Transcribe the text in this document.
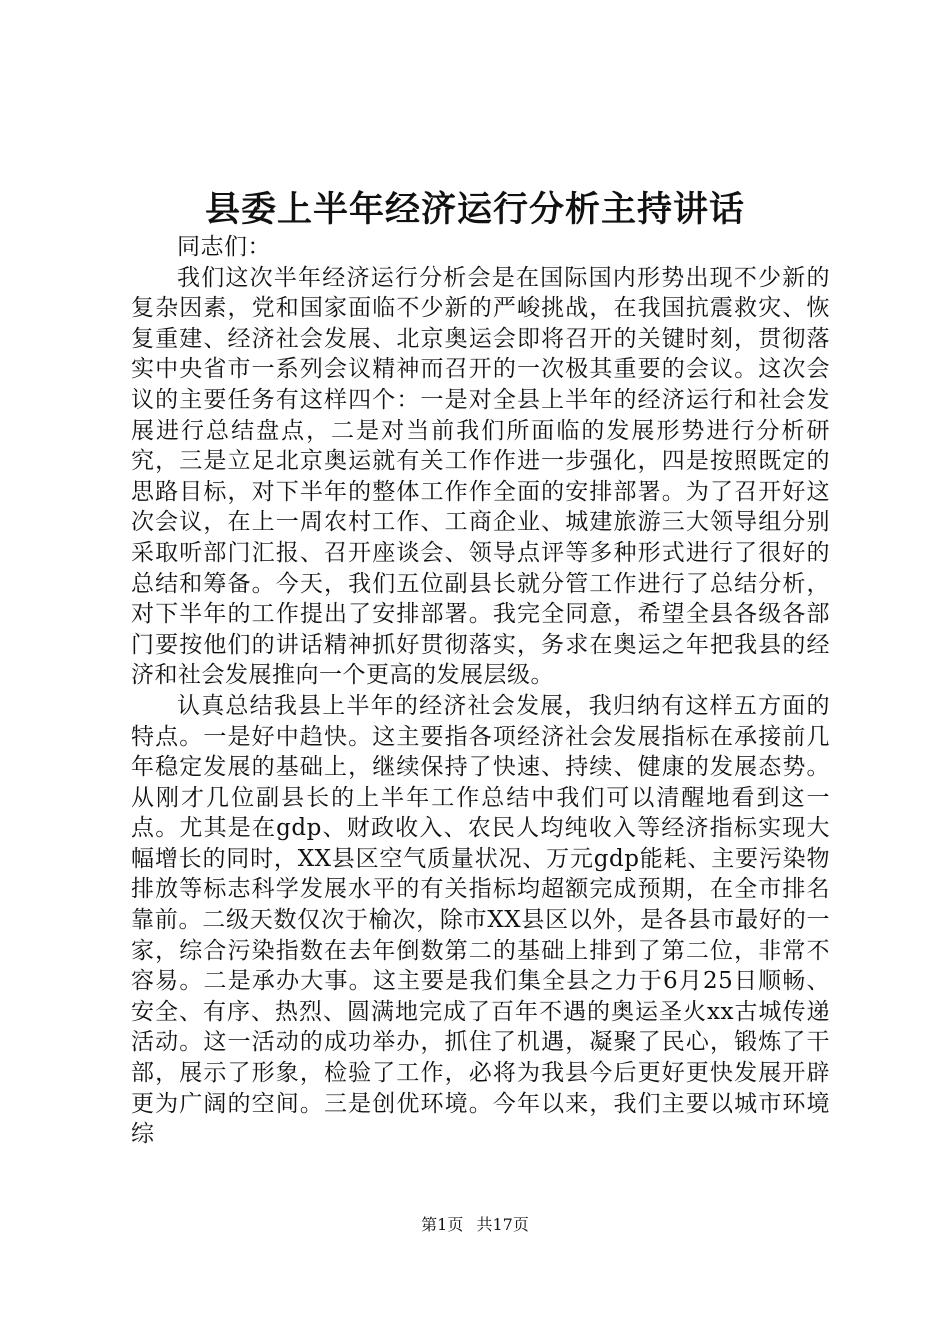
县委上半年经济运行分析主持讲话

同志们：

我们这次半年经济运行分析会是在国际国内形势出现不少新的复杂因素，党和国家面临不少新的严峻挑战，在我国抗震救灾、恢复重建、经济社会发展、北京奥运会即将召开的关键时刻，贯彻落实中央省市一系列会议精神而召开的一次极其重要的会议。这次会议的主要任务有这样四个：一是对全县上半年的经济运行和社会发展进行总结盘点，二是对当前我们所面临的发展形势进行分析研究，三是立足北京奥运就有关工作作进一步强化，四是按照既定的思路目标，对下半年的整体工作作全面的安排部署。为了召开好这次会议，在上一周农村工作、工商企业、城建旅游三大领导组分别采取听部门汇报、召开座谈会、领导点评等多种形式进行了很好的总结和筹备。今天，我们五位副县长就分管工作进行了总结分析，对下半年的工作提出了安排部署。我完全同意，希望全县各级各部门要按他们的讲话精神抓好贯彻落实，务求在奥运之年把我县的经济和社会发展推向一个更高的发展层级。

认真总结我县上半年的经济社会发展，我归纳有这样五方面的特点。一是好中趋快。这主要指各项经济社会发展指标在承接前几年稳定发展的基础上，继续保持了快速、持续、健康的发展态势。从刚才几位副县长的上半年工作总结中我们可以清醒地看到这一点。尤其是在gdp、财政收入、农民人均纯收入等经济指标实现大幅增长的同时，XX县区空气质量状况、万元gdp能耗、主要污染物排放等标志科学发展水平的有关指标均超额完成预期，在全市排名靠前。二级天数仅次于榆次，除市XX县区以外，是各县市最好的一家，综合污染指数在去年倒数第二的基础上排到了第二位，非常不容易。二是承办大事。这主要是我们集全县之力于6月25日顺畅、安全、有序、热烈、圆满地完成了百年不遇的奥运圣火xx古城传递活动。这一活动的成功举办，抓住了机遇，凝聚了民心，锻炼了干部，展示了形象，检验了工作，必将为我县今后更好更快发展开辟更为广阔的空间。三是创优环境。今年以来，我们主要以城市环境综

第1页 共17页
